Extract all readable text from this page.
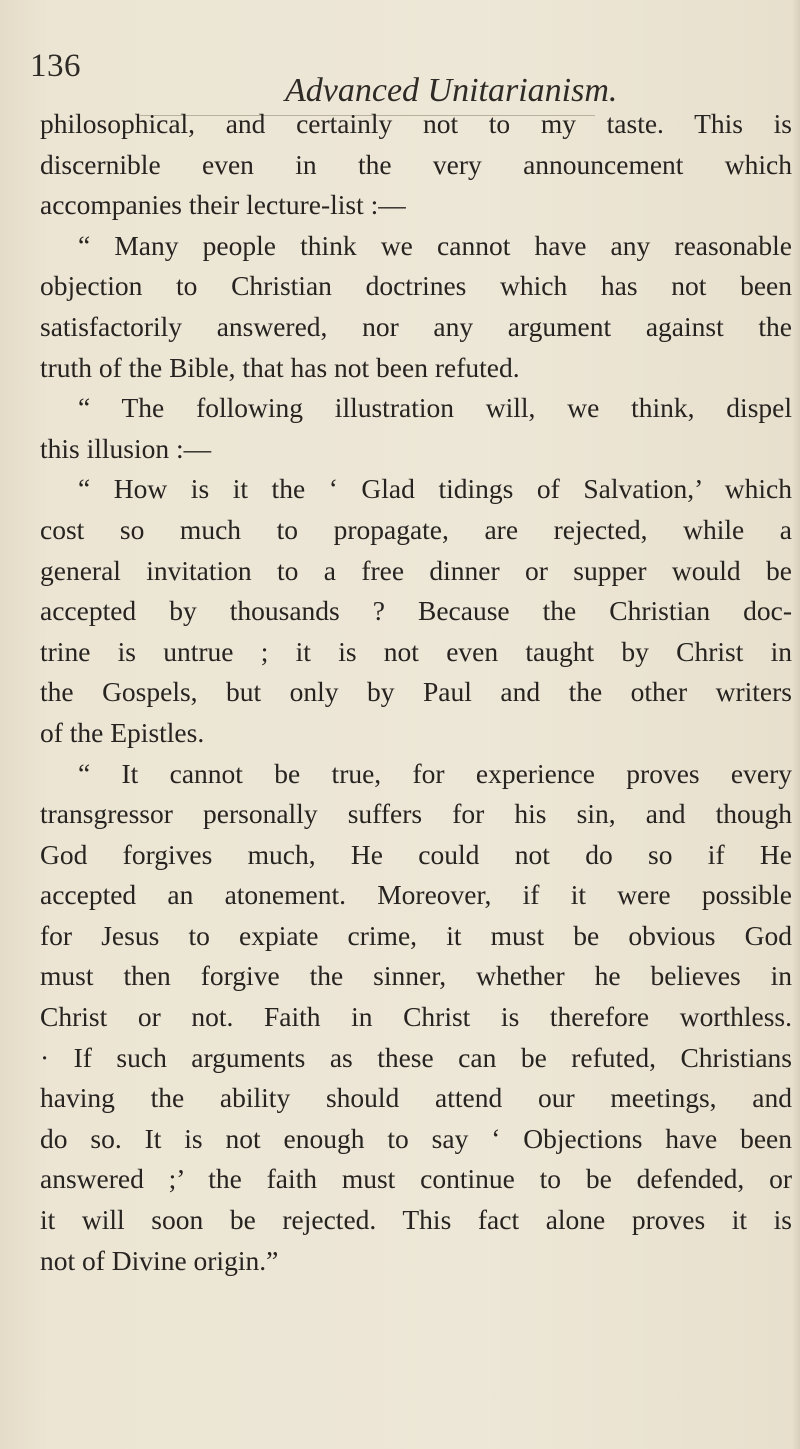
136
Advanced Unitarianism.
philosophical, and certainly not to my taste. This is
discernible even in the very announcement which
accompanies their lecture-list :—
“ Many people think we cannot have any reasonable
objection to Christian doctrines which has not been
satisfactorily answered, nor any argument against the
truth of the Bible, that has not been refuted.
“ The following illustration will, we think, dispel
this illusion :—
“ How is it the ‘ Glad tidings of Salvation,’ which
cost so much to propagate, are rejected, while a
general invitation to a free dinner or supper would be
accepted by thousands ? Because the Christian doc-
trine is untrue ; it is not even taught by Christ in
the Gospels, but only by Paul and the other writers
of the Epistles.
“ It cannot be true, for experience proves every
transgressor personally suffers for his sin, and though
God forgives much, He could not do so if He
accepted an atonement. Moreover, if it were possible
for Jesus to expiate crime, it must be obvious God
must then forgive the sinner, whether he believes in
Christ or not. Faith in Christ is therefore worthless.
· If such arguments as these can be refuted, Christians
having the ability should attend our meetings, and
do so. It is not enough to say ‘ Objections have been
answered ;’ the faith must continue to be defended, or
it will soon be rejected. This fact alone proves it is
not of Divine origin.”
